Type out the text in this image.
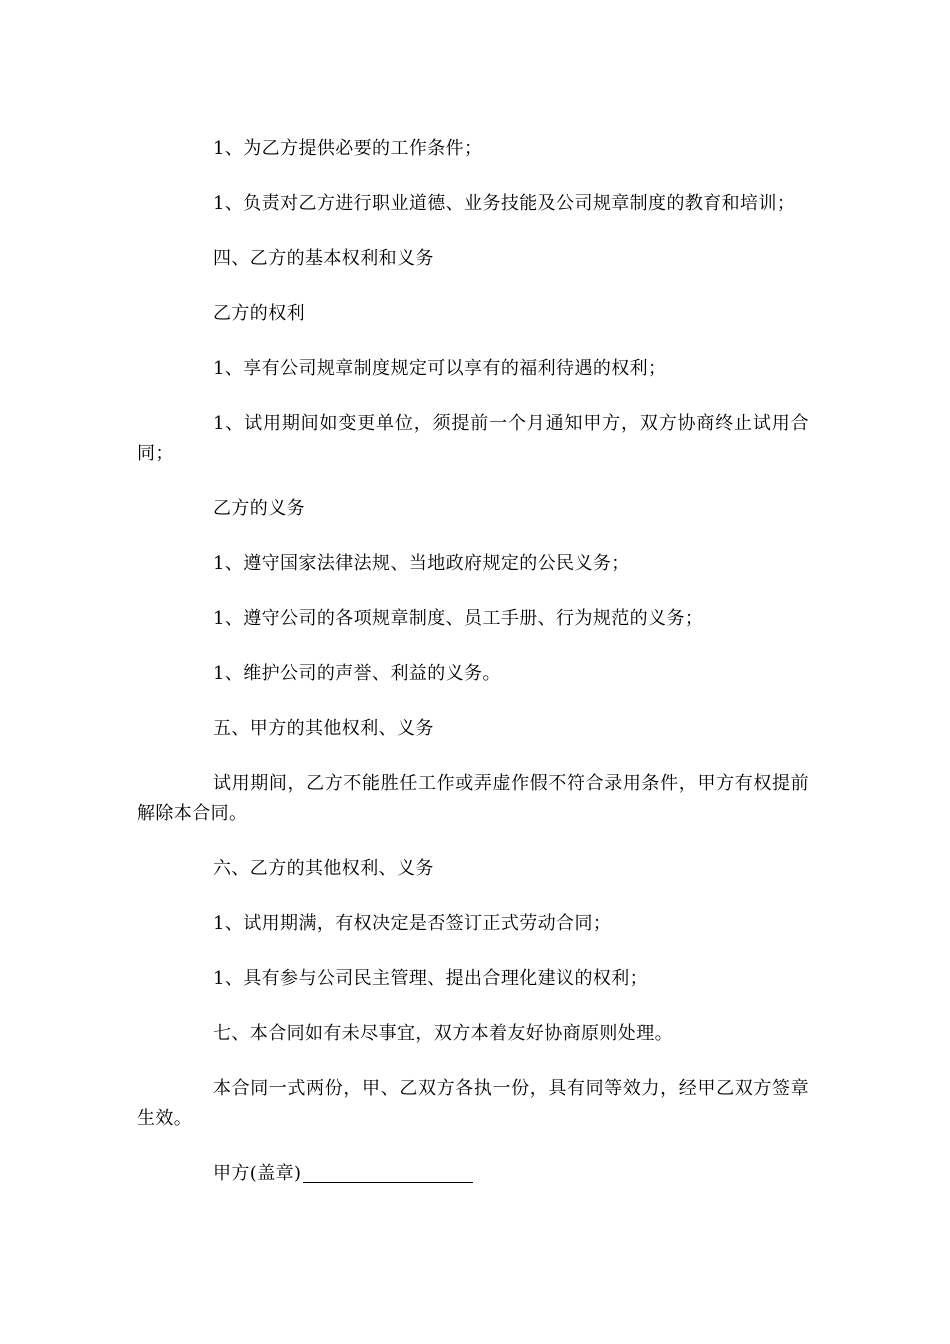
1、为乙方提供必要的工作条件；

1、负责对乙方进行职业道德、业务技能及公司规章制度的教育和培训；

四、乙方的基本权利和义务

乙方的权利

1、享有公司规章制度规定可以享有的福利待遇的权利；

1、试用期间如变更单位，须提前一个月通知甲方，双方协商终止试用合同；

乙方的义务

1、遵守国家法律法规、当地政府规定的公民义务；

1、遵守公司的各项规章制度、员工手册、行为规范的义务；

1、维护公司的声誉、利益的义务。

五、甲方的其他权利、义务

试用期间，乙方不能胜任工作或弄虚作假不符合录用条件，甲方有权提前解除本合同。

六、乙方的其他权利、义务

1、试用期满，有权决定是否签订正式劳动合同；

1、具有参与公司民主管理、提出合理化建议的权利；

七、本合同如有未尽事宜，双方本着友好协商原则处理。

本合同一式两份，甲、乙双方各执一份，具有同等效力，经甲乙双方签章生效。

甲方(盖章)
